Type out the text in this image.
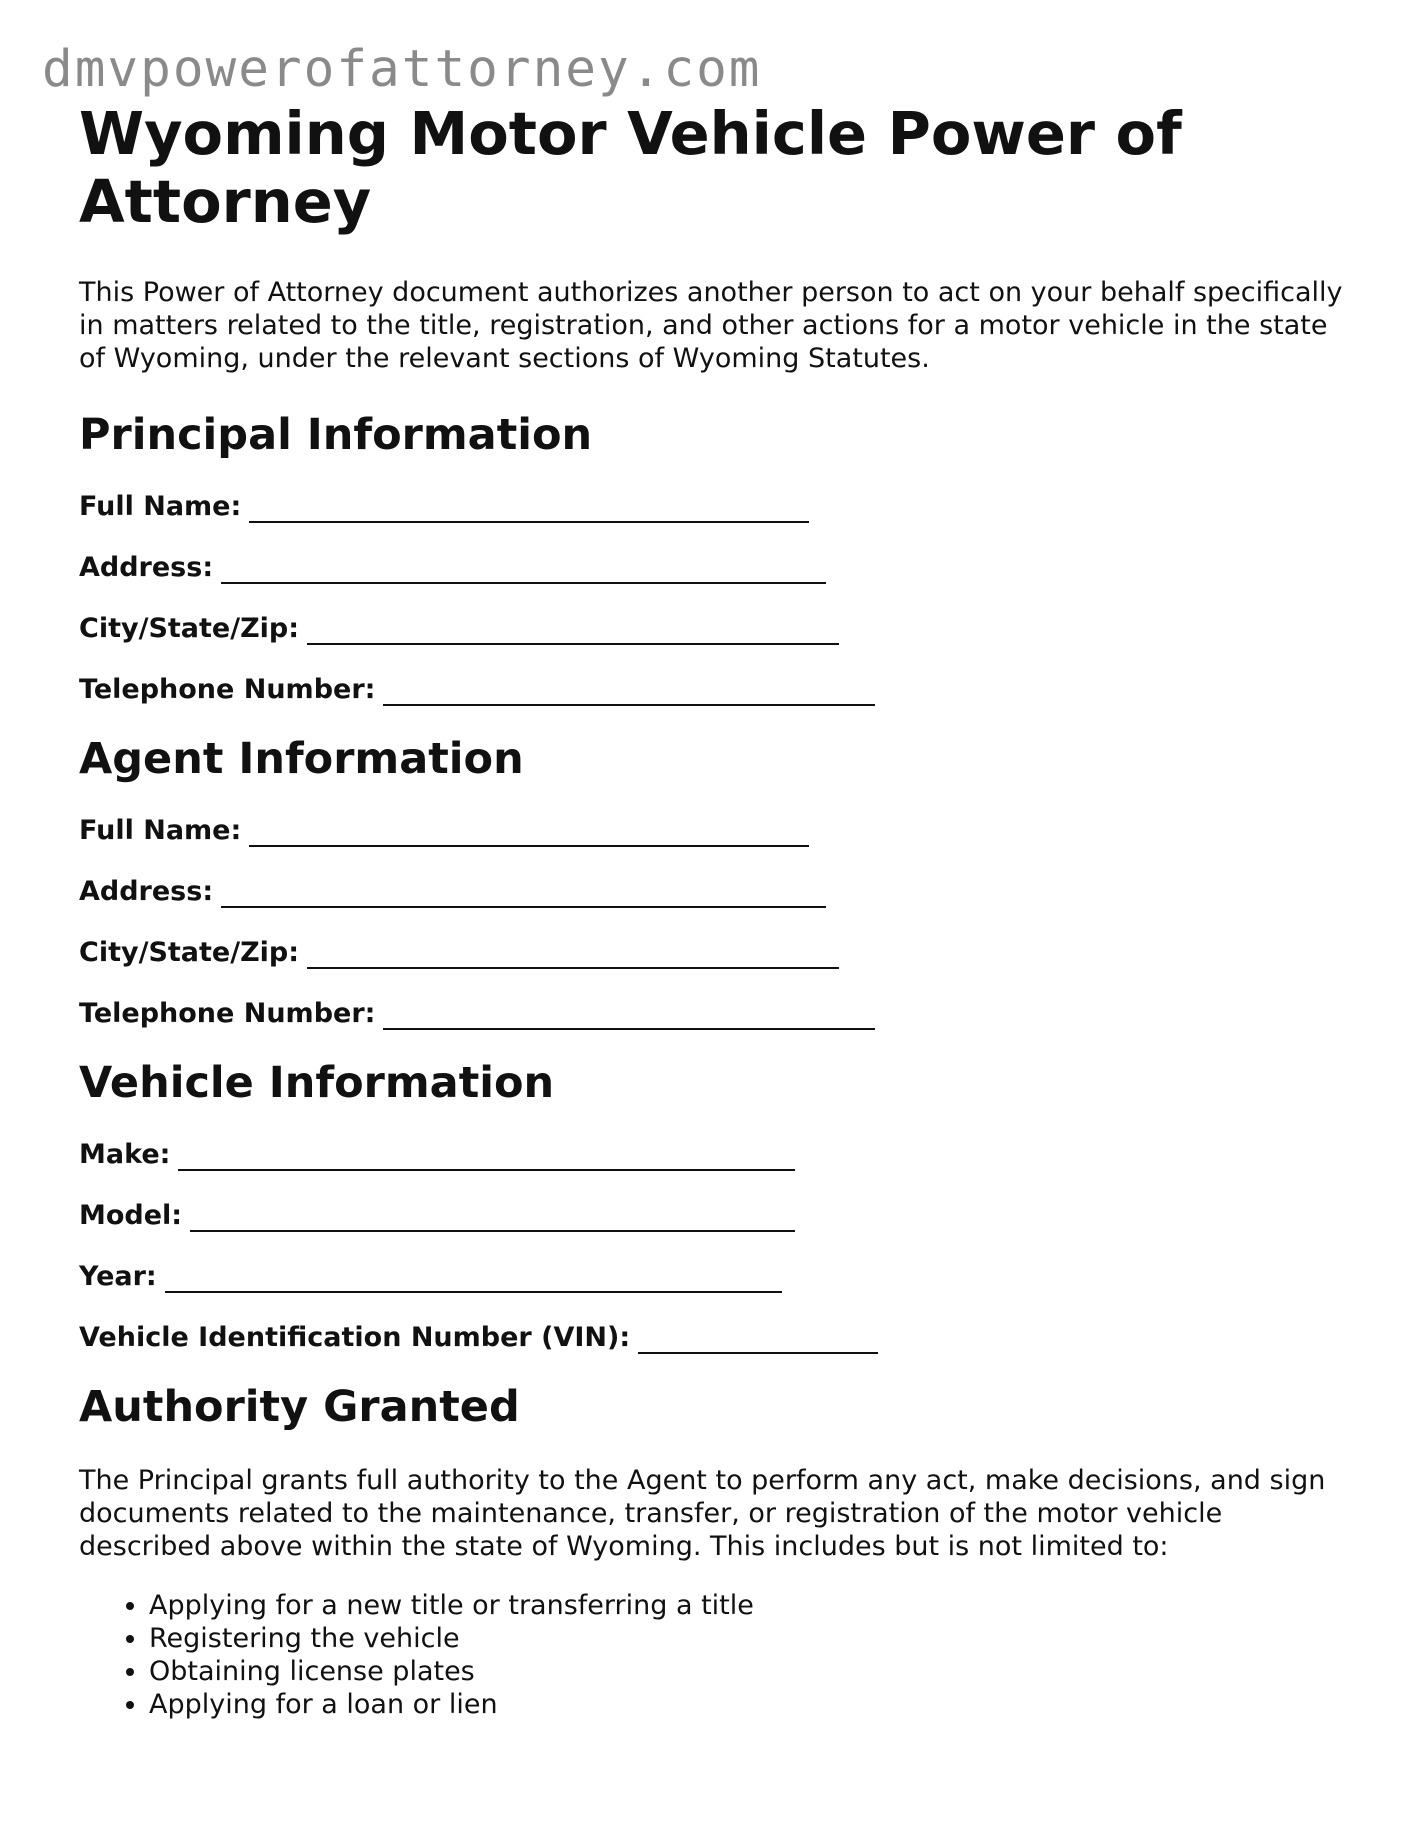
dmvpowerofattorney.com
Wyoming Motor Vehicle Power of Attorney

This Power of Attorney document authorizes another person to act on your behalf specifically in matters related to the title, registration, and other actions for a motor vehicle in the state of Wyoming, under the relevant sections of Wyoming Statutes.

Principal Information
Full Name:
Address:
City/State/Zip:
Telephone Number:
Agent Information
Full Name:
Address:
City/State/Zip:
Telephone Number:
Vehicle Information
Make:
Model:
Year:
Vehicle Identification Number (VIN):
Authority Granted

The Principal grants full authority to the Agent to perform any act, make decisions, and sign documents related to the maintenance, transfer, or registration of the motor vehicle described above within the state of Wyoming. This includes but is not limited to:

• Applying for a new title or transferring a title
• Registering the vehicle
• Obtaining license plates
• Applying for a loan or lien
